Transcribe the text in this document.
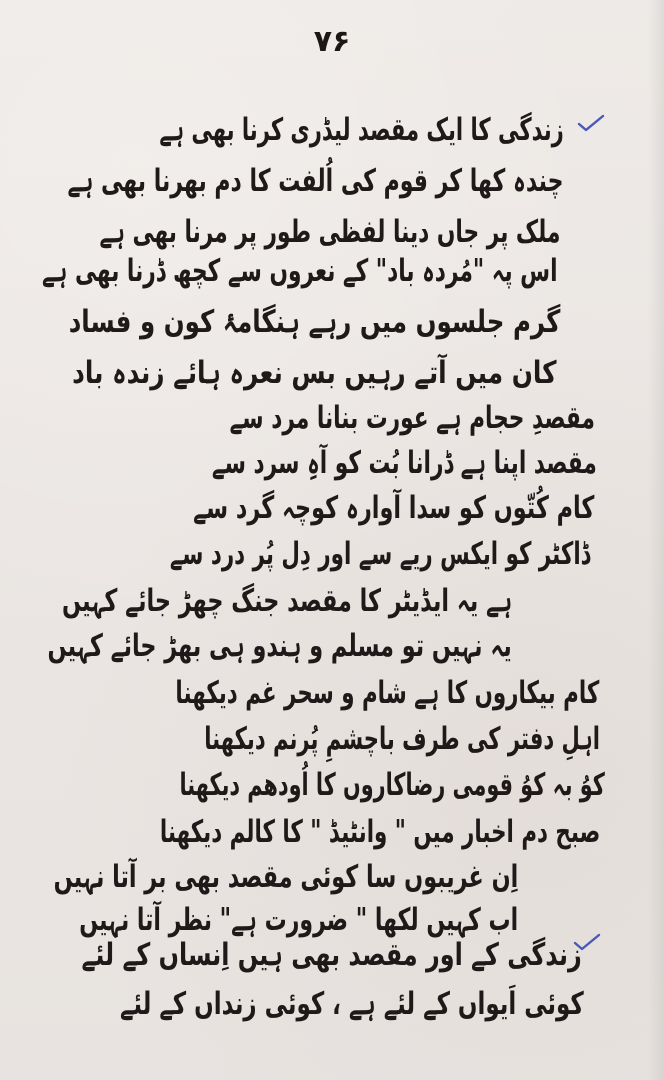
۷۶
زندگی کا ایک مقصد لیڈری کرنا بھی ہے
چندہ کھا کر قوم کی اُلفت کا دم بھرنا بھی ہے
ملک پر جاں دینا لفظی طور پر مرنا بھی ہے
اس پہ "مُردہ باد" کے نعروں سے کچھ ڈرنا بھی ہے
گرم جلسوں میں رہے ہنگامۂ کون و فساد
کان میں آتے رہیں بس نعرہ ہائے زندہ باد
مقصدِ حجام ہے عورت بنانا مرد سے
مقصد اپنا ہے ڈرانا بُت کو آہِ سرد سے
کام کُتّوں کو سدا آوارہ کوچہ گرد سے
ڈاکٹر کو ایکس ریے سے اور دِل پُر درد سے
ہے یہ ایڈیٹر کا مقصد جنگ چھڑ جائے کہیں
یہ نہیں تو مسلم و ہندو ہی بھڑ جائے کہیں
کام بیکاروں کا ہے شام و سحر غم دیکھنا
اہلِ دفتر کی طرف باچشمِ پُرنم دیکھنا
کوُ بہ کوُ قومی رضاکاروں کا اُودھم دیکھنا
صبح دم اخبار میں " وانٹیڈ " کا کالم دیکھنا
اِن غریبوں سا کوئی مقصد بھی بر آتا نہیں
اب کہیں لکھا " ضرورت ہے" نظر آتا نہیں
زندگی کے اور مقصد بھی ہیں اِنساں کے لئے
کوئی اَیواں کے لئے ہے ، کوئی زنداں کے لئے
